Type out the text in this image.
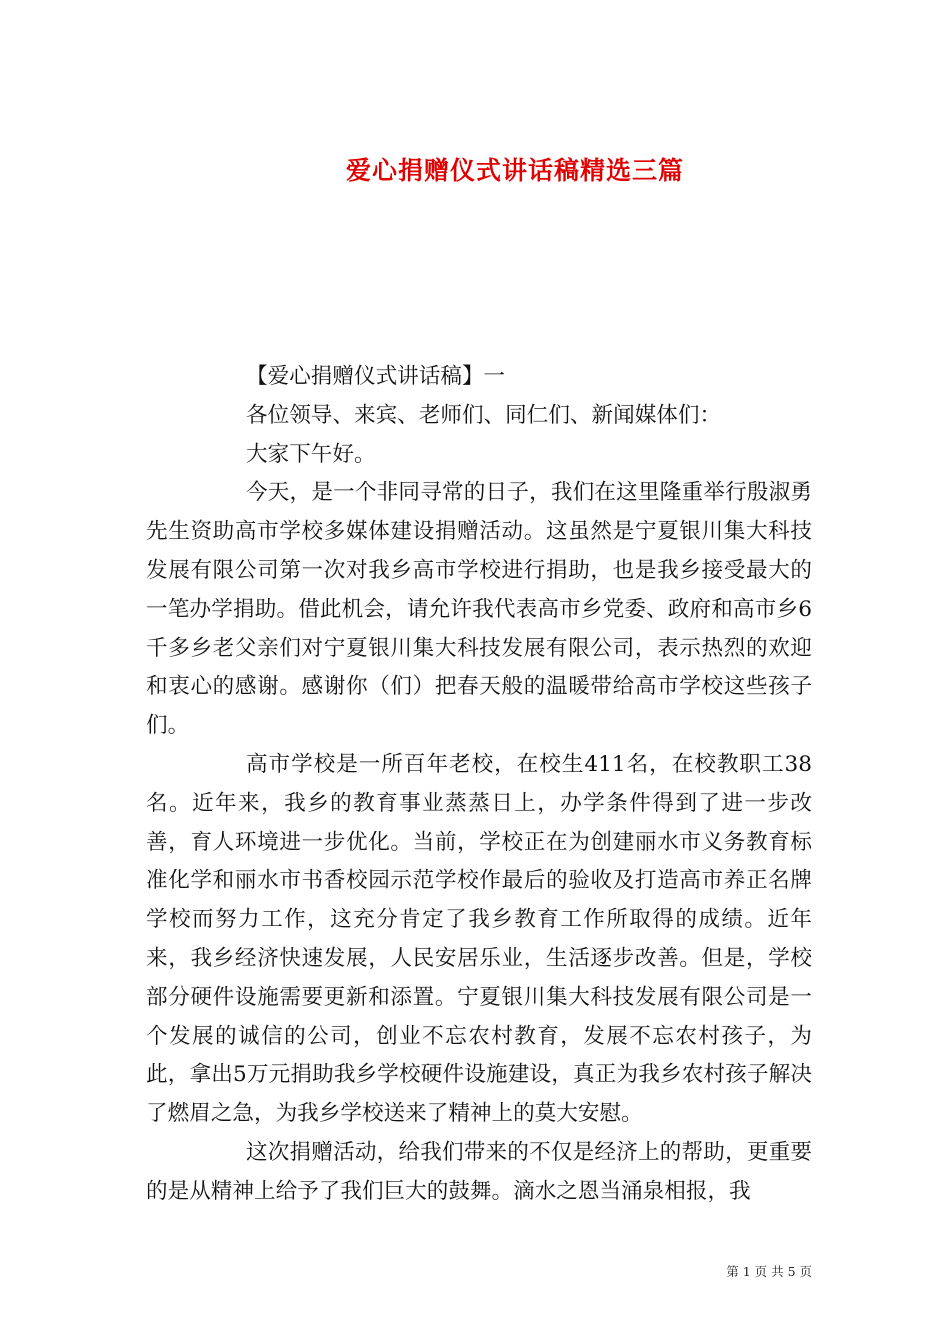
爱心捐赠仪式讲话稿精选三篇

【爱心捐赠仪式讲话稿】一

各位领导、来宾、老师们、同仁们、新闻媒体们：

大家下午好。

今天，是一个非同寻常的日子，我们在这里隆重举行殷淑勇先生资助高市学校多媒体建设捐赠活动。这虽然是宁夏银川集大科技发展有限公司第一次对我乡高市学校进行捐助，也是我乡接受最大的一笔办学捐助。借此机会，请允许我代表高市乡党委、政府和高市乡6千多乡老父亲们对宁夏银川集大科技发展有限公司，表示热烈的欢迎和衷心的感谢。感谢你（们）把春天般的温暖带给高市学校这些孩子们。

高市学校是一所百年老校，在校生411名，在校教职工38名。近年来，我乡的教育事业蒸蒸日上，办学条件得到了进一步改善，育人环境进一步优化。当前，学校正在为创建丽水市义务教育标准化学和丽水市书香校园示范学校作最后的验收及打造高市养正名牌学校而努力工作，这充分肯定了我乡教育工作所取得的成绩。近年来，我乡经济快速发展，人民安居乐业，生活逐步改善。但是，学校部分硬件设施需要更新和添置。宁夏银川集大科技发展有限公司是一个发展的诚信的公司，创业不忘农村教育，发展不忘农村孩子，为此，拿出5万元捐助我乡学校硬件设施建设，真正为我乡农村孩子解决了燃眉之急，为我乡学校送来了精神上的莫大安慰。

这次捐赠活动，给我们带来的不仅是经济上的帮助，更重要的是从精神上给予了我们巨大的鼓舞。滴水之恩当涌泉相报，我

第 1 页 共 5 页
